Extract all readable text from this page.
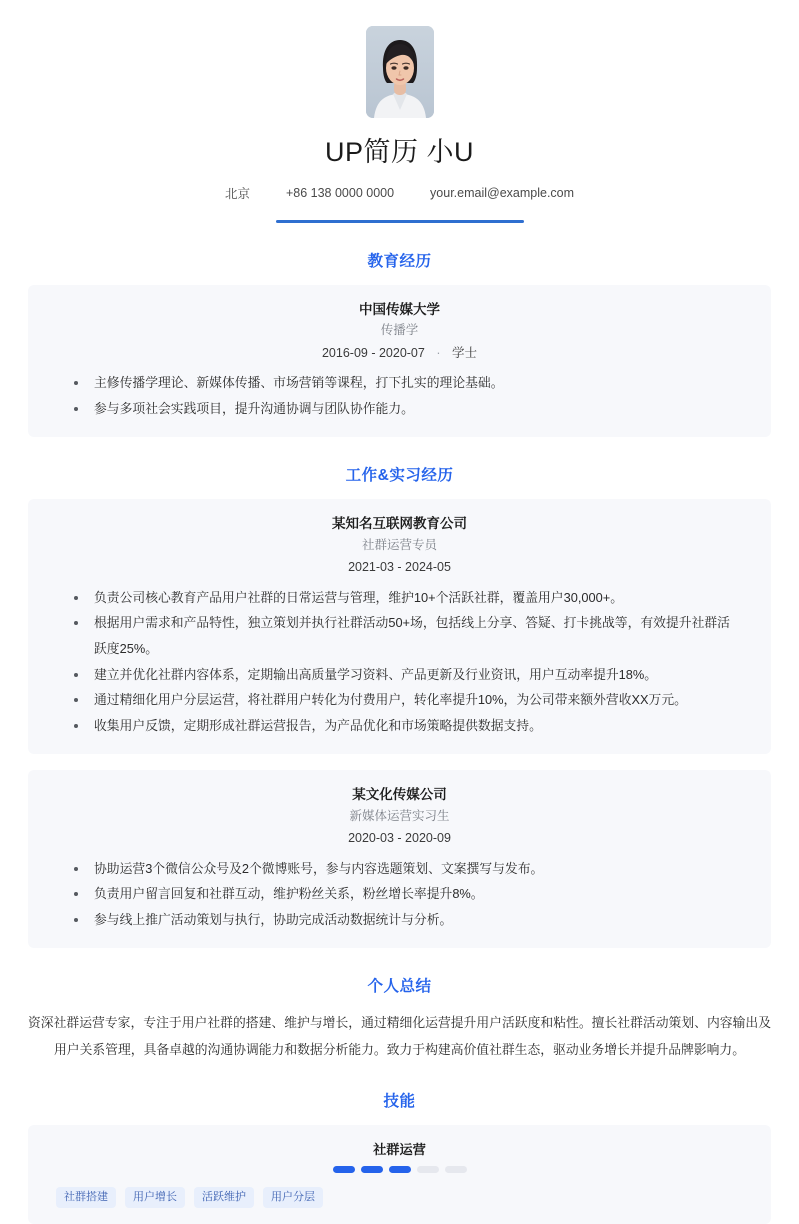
UP简历 小U
北京	+86 138 0000 0000	your.email@example.com
教育经历
中国传媒大学
传播学
2016-09 - 2020-07 · 学士
主修传播学理论、新媒体传播、市场营销等课程，打下扎实的理论基础。
参与多项社会实践项目，提升沟通协调与团队协作能力。
工作&实习经历
某知名互联网教育公司
社群运营专员
2021-03 - 2024-05
负责公司核心教育产品用户社群的日常运营与管理，维护10+个活跃社群，覆盖用户30,000+。
根据用户需求和产品特性，独立策划并执行社群活动50+场，包括线上分享、答疑、打卡挑战等，有效提升社群活跃度25%。
建立并优化社群内容体系，定期输出高质量学习资料、产品更新及行业资讯，用户互动率提升18%。
通过精细化用户分层运营，将社群用户转化为付费用户，转化率提升10%，为公司带来额外营收XX万元。
收集用户反馈，定期形成社群运营报告，为产品优化和市场策略提供数据支持。
某文化传媒公司
新媒体运营实习生
2020-03 - 2020-09
协助运营3个微信公众号及2个微博账号，参与内容选题策划、文案撰写与发布。
负责用户留言回复和社群互动，维护粉丝关系，粉丝增长率提升8%。
参与线上推广活动策划与执行，协助完成活动数据统计与分析。
个人总结
资深社群运营专家，专注于用户社群的搭建、维护与增长，通过精细化运营提升用户活跃度和粘性。擅长社群活动策划、内容输出及用户关系管理，具备卓越的沟通协调能力和数据分析能力。致力于构建高价值社群生态，驱动业务增长并提升品牌影响力。
技能
社群运营
社群搭建	用户增长	活跃维护	用户分层
